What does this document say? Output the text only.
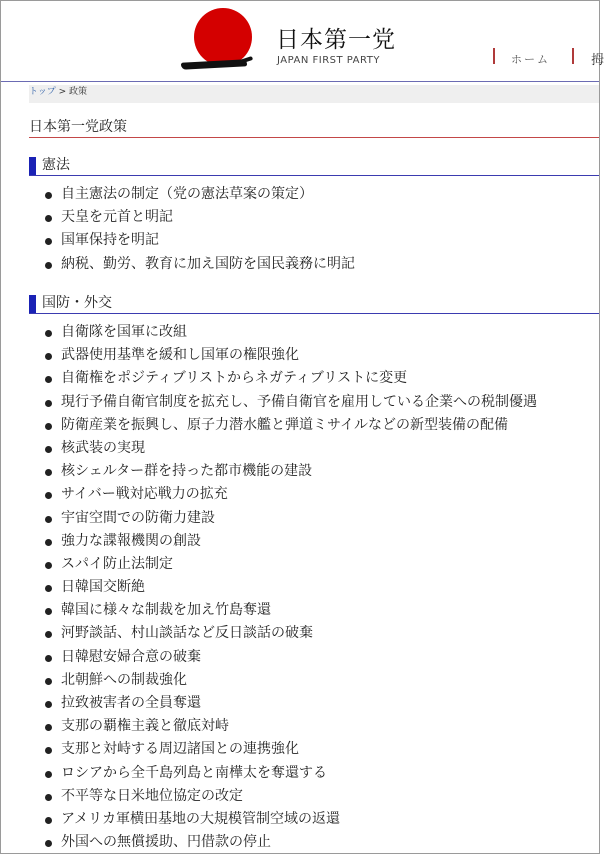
日本第一党
JAPAN FIRST PARTY	ホーム	拇
トップ > 政策
日本第一党政策
憲法
自主憲法の制定（党の憲法草案の策定）
天皇を元首と明記
国軍保持を明記
納税、勤労、教育に加え国防を国民義務に明記
国防・外交
自衛隊を国軍に改組
武器使用基準を緩和し国軍の権限強化
自衛権をポジティブリストからネガティブリストに変更
現行予備自衛官制度を拡充し、予備自衛官を雇用している企業への税制優遇
防衛産業を振興し、原子力潜水艦と弾道ミサイルなどの新型装備の配備
核武装の実現
核シェルター群を持った都市機能の建設
サイバー戦対応戦力の拡充
宇宙空間での防衛力建設
強力な諜報機関の創設
スパイ防止法制定
日韓国交断絶
韓国に様々な制裁を加え竹島奪還
河野談話、村山談話など反日談話の破棄
日韓慰安婦合意の破棄
北朝鮮への制裁強化
拉致被害者の全員奪還
支那の覇権主義と徹底対峙
支那と対峙する周辺諸国との連携強化
ロシアから全千島列島と南樺太を奪還する
不平等な日米地位協定の改定
アメリカ軍横田基地の大規模管制空域の返還
外国への無償援助、円借款の停止
